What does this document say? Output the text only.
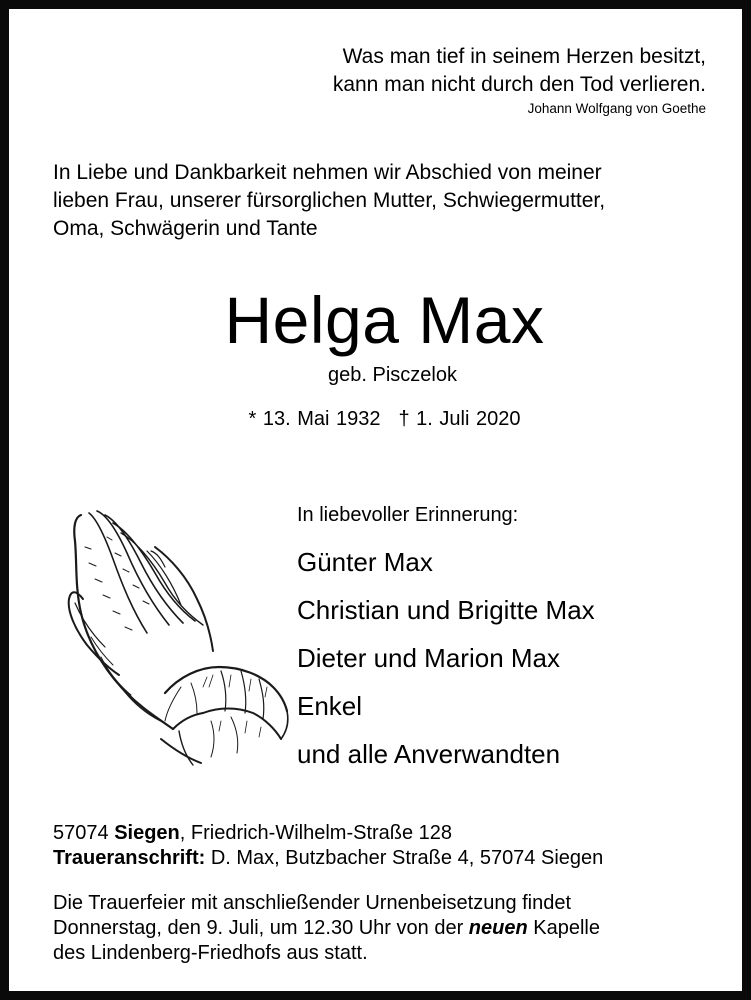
Was man tief in seinem Herzen besitzt,
kann man nicht durch den Tod verlieren.
Johann Wolfgang von Goethe
In Liebe und Dankbarkeit nehmen wir Abschied von meiner
lieben Frau, unserer fürsorglichen Mutter, Schwiegermutter,
Oma, Schwägerin und Tante
Helga Max
geb. Pisczelok
* 13. Mai 1932 † 1. Juli 2020
In liebevoller Erinnerung:
Günter Max
Christian und Brigitte Max
Dieter und Marion Max
Enkel
und alle Anverwandten
57074 Siegen, Friedrich-Wilhelm-Straße 128
Traueranschrift: D. Max, Butzbacher Straße 4, 57074 Siegen
Die Trauerfeier mit anschließender Urnenbeisetzung findet
Donnerstag, den 9. Juli, um 12.30 Uhr von der neuen Kapelle
des Lindenberg-Friedhofs aus statt.
